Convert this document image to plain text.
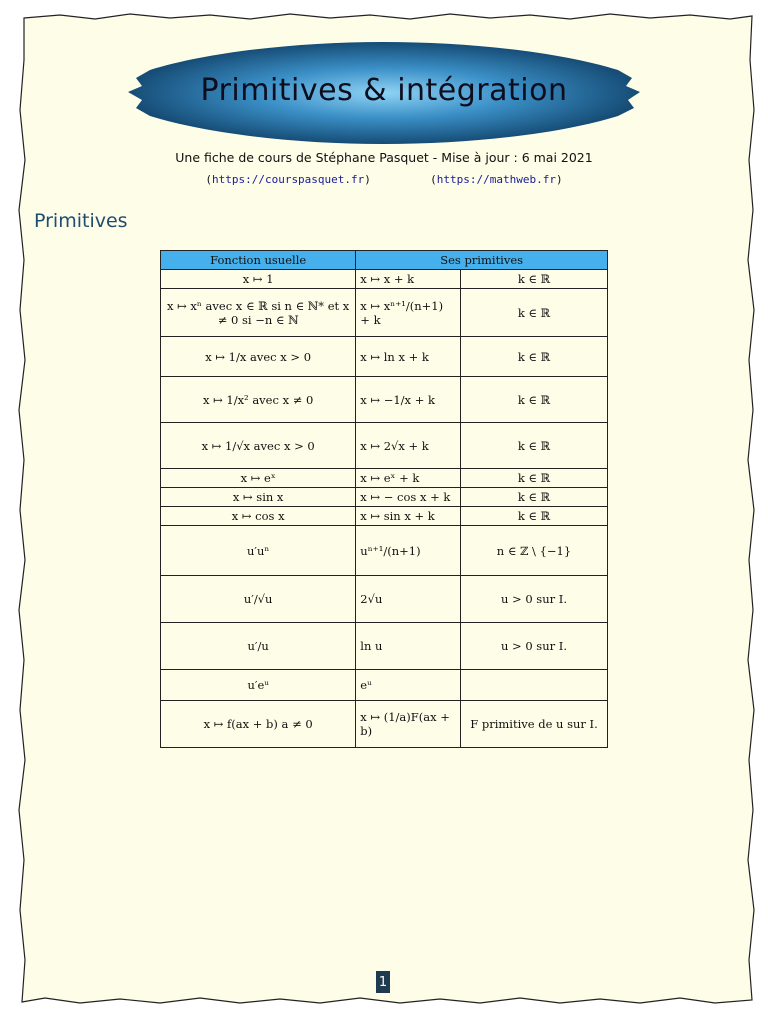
Primitives & intégration
Une fiche de cours de Stéphane Pasquet - Mise à jour : 6 mai 2021
(https://courspasquet.fr)	(https://mathweb.fr)
Primitives
Fonction usuelle	Ses primitives	
x ↦ 1	x ↦ x + k	k ∈ ℝ
x ↦ xⁿ avec x ∈ ℝ si n ∈ ℕ* et x ≠ 0 si −n ∈ ℕ	x ↦ xⁿ⁺¹/(n+1) + k	k ∈ ℝ
x ↦ 1/x avec x > 0	x ↦ ln x + k	k ∈ ℝ
x ↦ 1/x² avec x ≠ 0	x ↦ −1/x + k	k ∈ ℝ
x ↦ 1/√x avec x > 0	x ↦ 2√x + k	k ∈ ℝ
x ↦ eˣ	x ↦ eˣ + k	k ∈ ℝ
x ↦ sin x	x ↦ − cos x + k	k ∈ ℝ
x ↦ cos x	x ↦ sin x + k	k ∈ ℝ
u′uⁿ	uⁿ⁺¹/(n+1)	n ∈ ℤ \ {−1}
u′/√u	2√u	u > 0 sur I.
u′/u	ln u	u > 0 sur I.
u′eᵘ	eᵘ	
x ↦ f(ax + b) a ≠ 0	x ↦ (1/a)F(ax + b)	F primitive de u sur I.
1
